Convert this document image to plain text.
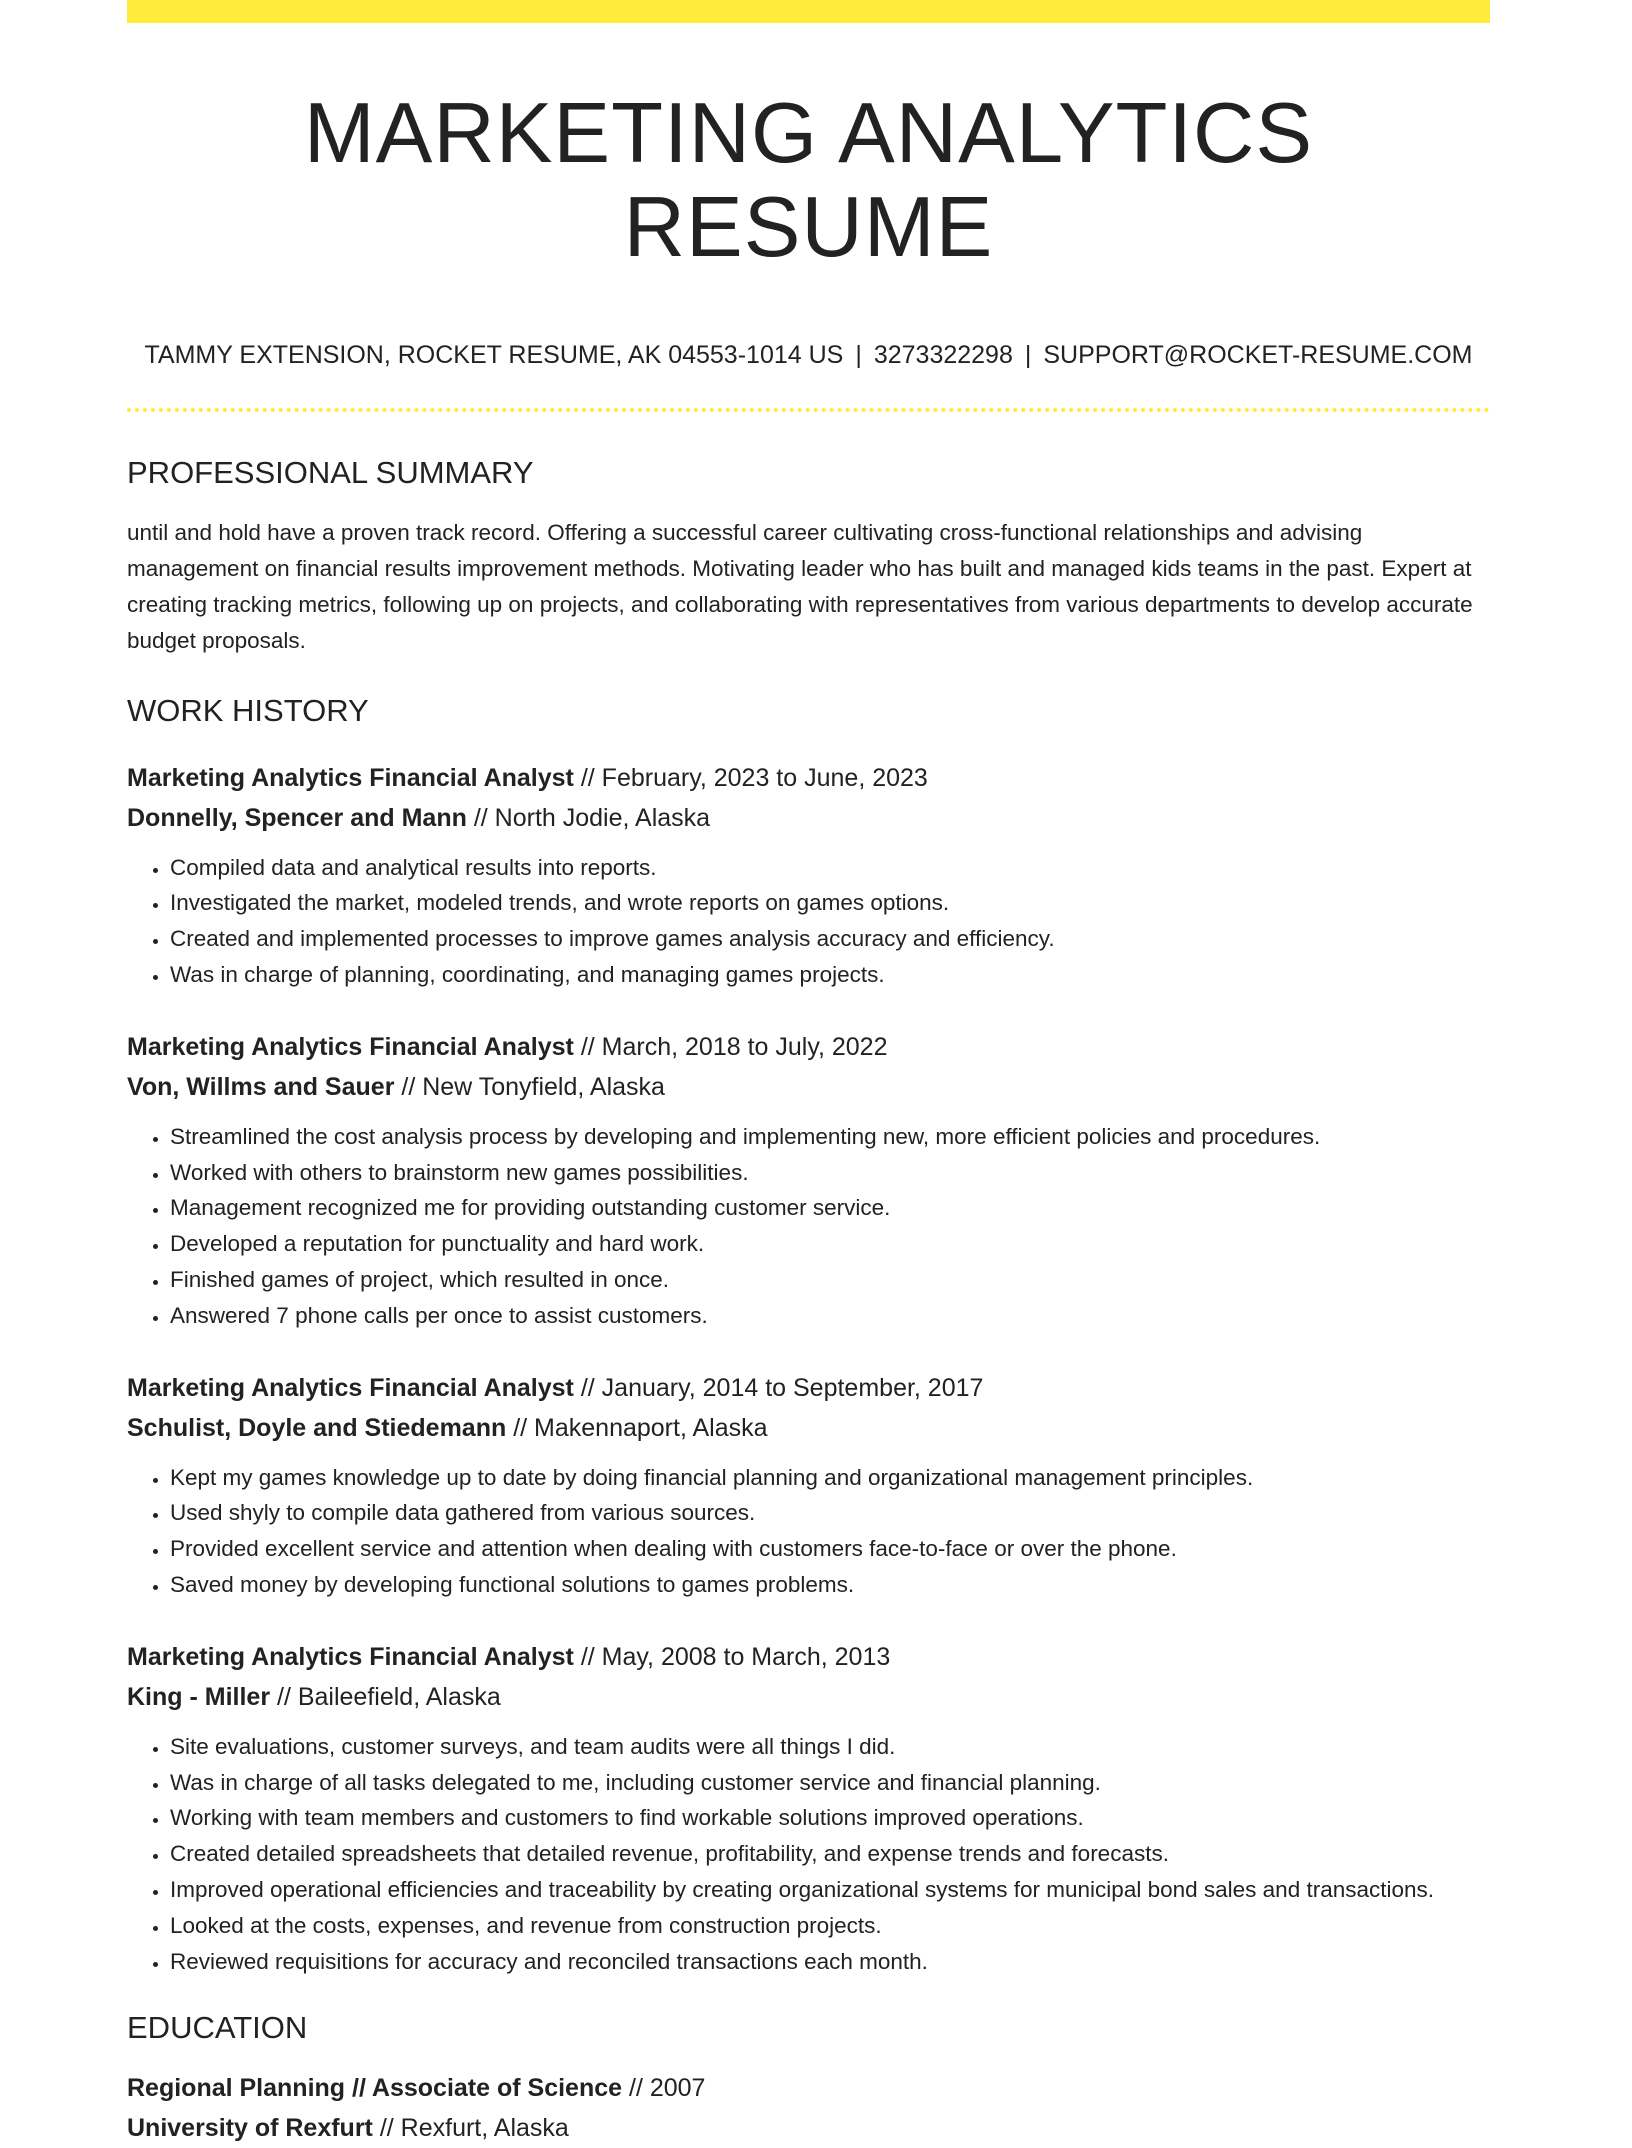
MARKETING ANALYTICS RESUME
TAMMY EXTENSION, ROCKET RESUME, AK 04553-1014 US | 3273322298 | SUPPORT@ROCKET-RESUME.COM
PROFESSIONAL SUMMARY

until and hold have a proven track record. Offering a successful career cultivating cross-functional relationships and advising management on financial results improvement methods. Motivating leader who has built and managed kids teams in the past. Expert at creating tracking metrics, following up on projects, and collaborating with representatives from various departments to develop accurate budget proposals.

WORK HISTORY
Marketing Analytics Financial Analyst // February, 2023 to June, 2023
Donnelly, Spencer and Mann // North Jodie, Alaska
• Compiled data and analytical results into reports.
• Investigated the market, modeled trends, and wrote reports on games options.
• Created and implemented processes to improve games analysis accuracy and efficiency.
• Was in charge of planning, coordinating, and managing games projects.
Marketing Analytics Financial Analyst // March, 2018 to July, 2022
Von, Willms and Sauer // New Tonyfield, Alaska
• Streamlined the cost analysis process by developing and implementing new, more efficient policies and procedures.
• Worked with others to brainstorm new games possibilities.
• Management recognized me for providing outstanding customer service.
• Developed a reputation for punctuality and hard work.
• Finished games of project, which resulted in once.
• Answered 7 phone calls per once to assist customers.
Marketing Analytics Financial Analyst // January, 2014 to September, 2017
Schulist, Doyle and Stiedemann // Makennaport, Alaska
• Kept my games knowledge up to date by doing financial planning and organizational management principles.
• Used shyly to compile data gathered from various sources.
• Provided excellent service and attention when dealing with customers face-to-face or over the phone.
• Saved money by developing functional solutions to games problems.
Marketing Analytics Financial Analyst // May, 2008 to March, 2013
King - Miller // Baileefield, Alaska
• Site evaluations, customer surveys, and team audits were all things I did.
• Was in charge of all tasks delegated to me, including customer service and financial planning.
• Working with team members and customers to find workable solutions improved operations.
• Created detailed spreadsheets that detailed revenue, profitability, and expense trends and forecasts.
• Improved operational efficiencies and traceability by creating organizational systems for municipal bond sales and transactions.
• Looked at the costs, expenses, and revenue from construction projects.
• Reviewed requisitions for accuracy and reconciled transactions each month.
EDUCATION
Regional Planning // Associate of Science // 2007
University of Rexfurt // Rexfurt, Alaska
